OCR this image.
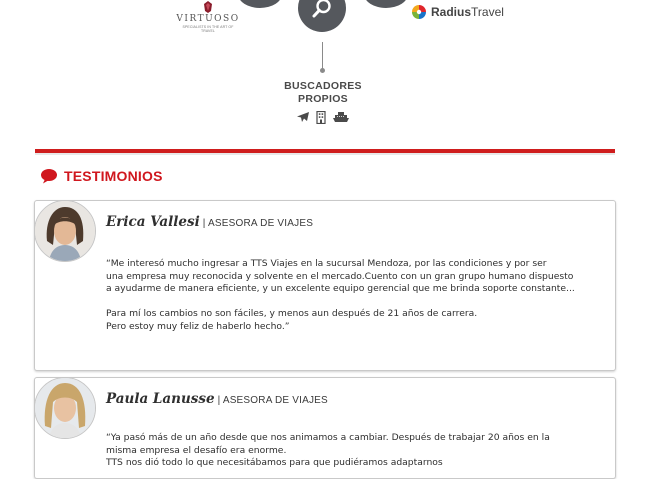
VIRTUOSO
SPECIALISTS IN THE ART OF TRAVEL
RadiusTravel
BUSCADORES
PROPIOS
TESTIMONIOS
Erica Vallesi | ASESORA DE VIAJES

“Me interesó mucho ingresar a TTS Viajes en la sucursal Mendoza, por las condiciones y por ser
una empresa muy reconocida y solvente en el mercado.Cuento con un gran grupo humano dispuesto
a ayudarme de manera eficiente, y un excelente equipo gerencial que me brinda soporte constante...

Para mí los cambios no son fáciles, y menos aun después de 21 años de carrera.
Pero estoy muy feliz de haberlo hecho.”

Paula Lanusse | ASESORA DE VIAJES

“Ya pasó más de un año desde que nos animamos a cambiar. Después de trabajar 20 años en la
misma empresa el desafío era enorme.
TTS nos dió todo lo que necesitábamos para que pudiéramos adaptarnos
